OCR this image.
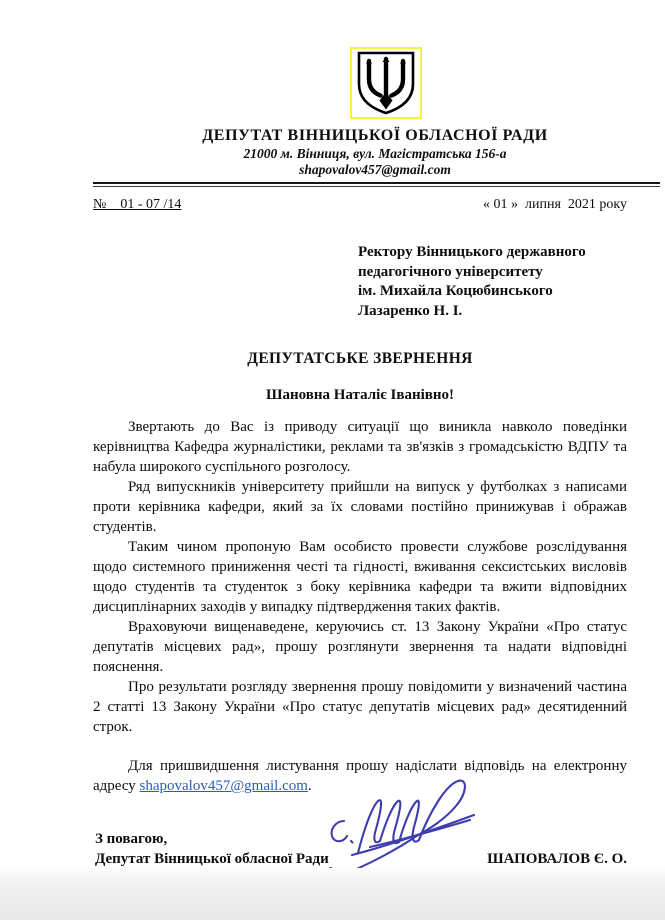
ДЕПУТАТ ВІННИЦЬКОЇ ОБЛАСНОЇ РАДИ
21000 м. Вінниця, вул. Магістратська 156-а
shapovalov457@gmail.com
№    01 - 07 /14	« 01 »  липня  2021 року
Ректору Вінницького державного
педагогічного університету
ім. Михайла Коцюбинського
Лазаренко Н. І.
ДЕПУТАТСЬКЕ ЗВЕРНЕННЯ
Шановна Наталіє Іванівно!

Звертають до Вас із приводу ситуації що виникла навколо поведінки керівництва Кафедра журналістики, реклами та зв'язків з громадськістю ВДПУ та набула широкого суспільного розголосу.

Ряд випускників університету прийшли на випуск у футболках з написами проти керівника кафедри, який за їх словами постійно принижував і ображав студентів.

Таким чином пропоную Вам особисто провести службове розслідування щодо системного приниження честі та гідності, вживання сексистських висловів щодо студентів та студенток з боку керівника кафедри та вжити відповідних дисциплінарних заходів у випадку підтвердження таких фактів.

Враховуючи вищенаведене, керуючись ст. 13 Закону України «Про статус депутатів місцевих рад», прошу розглянути звернення та надати відповідні пояснення.

Про результати розгляду звернення прошу повідомити у визначений частина 2 статті 13 Закону України «Про статус депутатів місцевих рад» десятиденний строк.

Для пришвидшення листування прошу надіслати відповідь на електронну адресу shapovalov457@gmail.com.

З повагою,
Депутат Вінницької обласної Ради	ШАПОВАЛОВ Є. О.
